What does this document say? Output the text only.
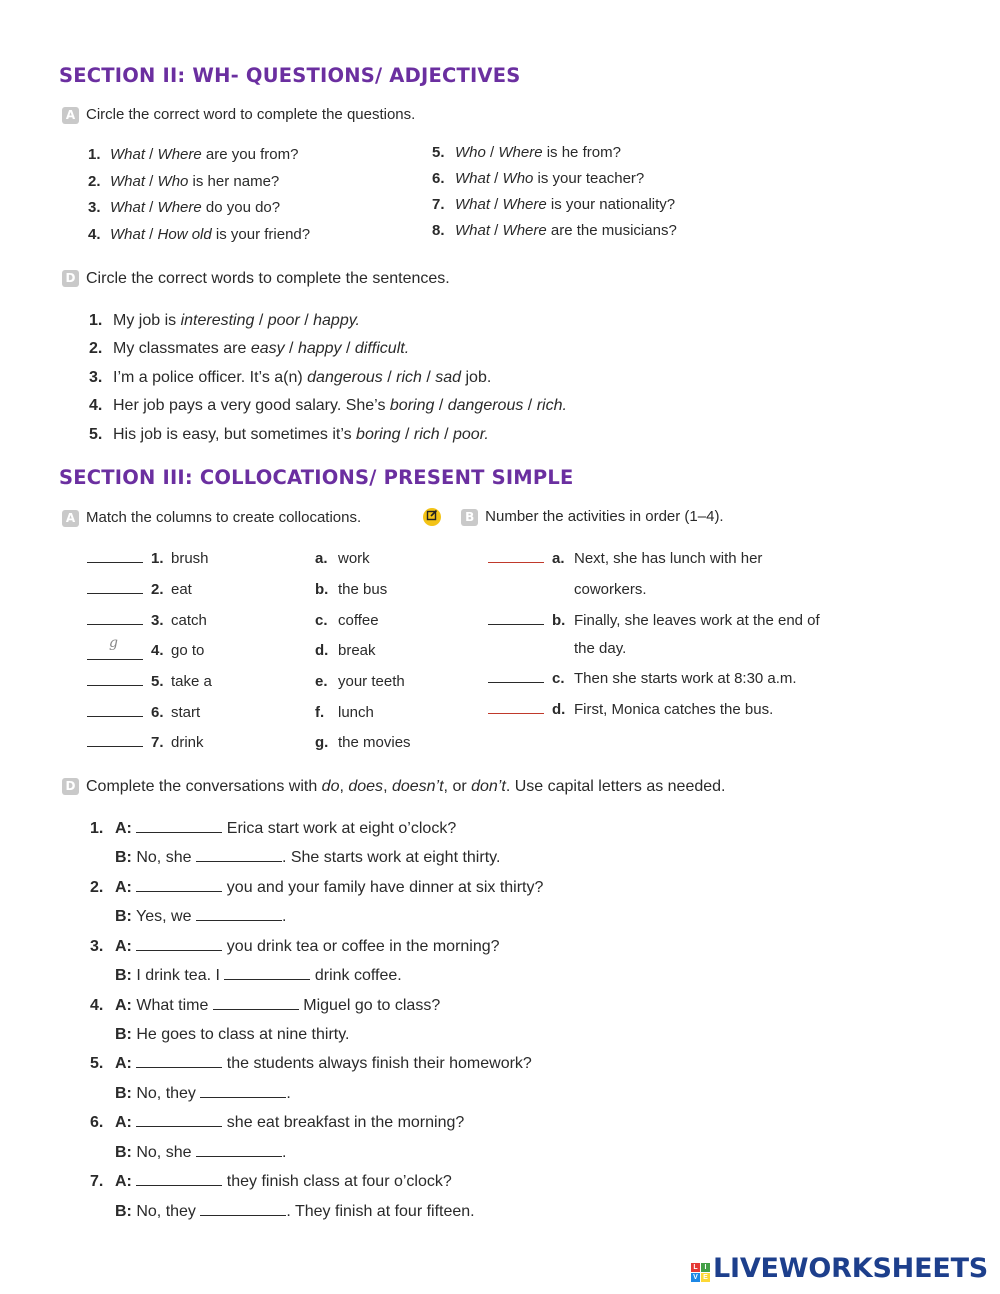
SECTION II: WH- QUESTIONS/ ADJECTIVES
A Circle the correct word to complete the questions.
1. What / Where are you from?
2. What / Who is her name?
3. What / Where do you do?
4. What / How old is your friend?
5. Who / Where is he from?
6. What / Who is your teacher?
7. What / Where is your nationality?
8. What / Where are the musicians?
D Circle the correct words to complete the sentences.
1. My job is interesting / poor / happy.
2. My classmates are easy / happy / difficult.
3. I’m a police officer. It’s a(n) dangerous / rich / sad job.
4. Her job pays a very good salary. She’s boring / dangerous / rich.
5. His job is easy, but sometimes it’s boring / rich / poor.
SECTION III: COLLOCATIONS/ PRESENT SIMPLE
A Match the columns to create collocations.	B Number the activities in order (1–4).
1. brush
2. eat
3. catch
g 4. go to
5. take a
6. start
7. drink
a. work
b. the bus
c. coffee
d. break
e. your teeth
f. lunch
g. the movies
a. Next, she has lunch with her
coworkers.
b. Finally, she leaves work at the end of
the day.
c. Then she starts work at 8:30 a.m.
d. First, Monica catches the bus.
D Complete the conversations with do, does, doesn’t, or don’t. Use capital letters as needed.
1. A:	Erica start work at eight o’clock?
B: No, she	. She starts work at eight thirty.
2. A:	you and your family have dinner at six thirty?
B: Yes, we	.
3. A:	you drink tea or coffee in the morning?
B: I drink tea. I	drink coffee.
4. A: What time	Miguel go to class?
B: He goes to class at nine thirty.
5. A:	the students always finish their homework?
B: No, they	.
6. A:	she eat breakfast in the morning?
B: No, she	.
7. A:	they finish class at four o’clock?
B: No, they	. They finish at four fifteen.
L I
V E LIVEWORKSHEETS
